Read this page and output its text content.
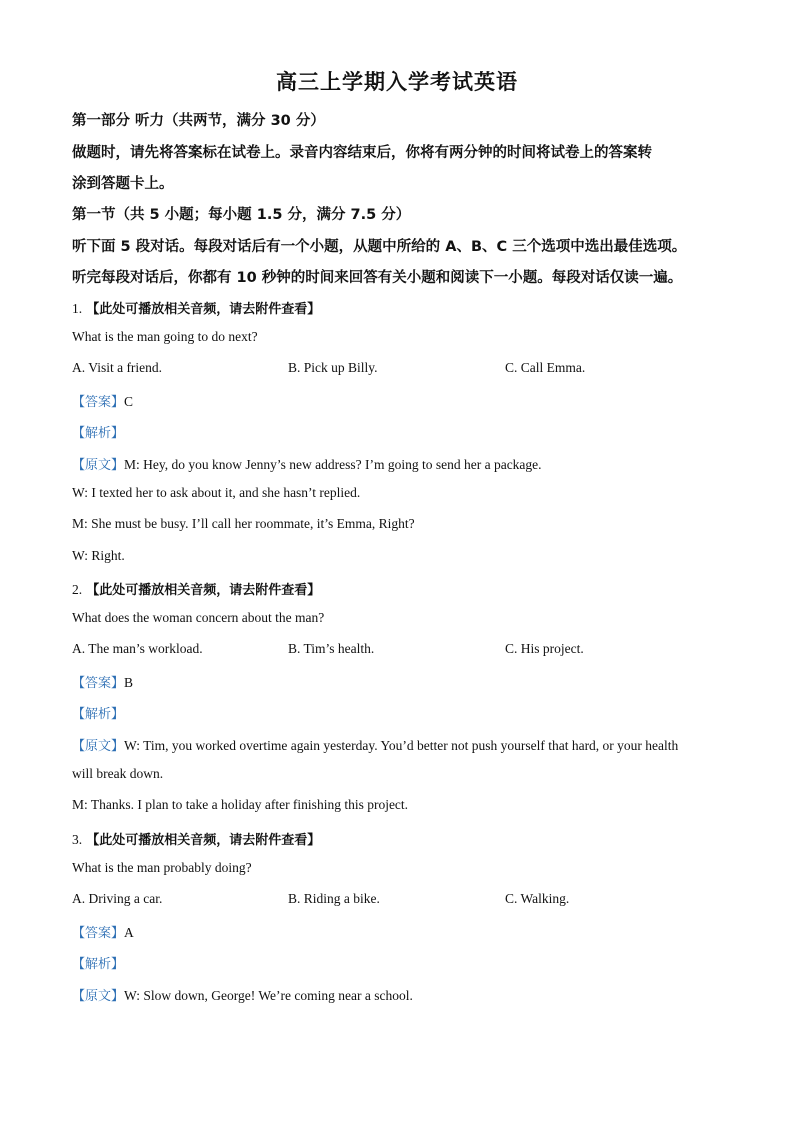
高三上学期入学考试英语
第一部分 听力（共两节，满分 30 分）
做题时，请先将答案标在试卷上。录音内容结束后，你将有两分钟的时间将试卷上的答案转
涂到答题卡上。
第一节（共 5 小题；每小题 1.5 分，满分 7.5 分）
听下面 5 段对话。每段对话后有一个小题，从题中所给的 A、B、C 三个选项中选出最佳选项。
听完每段对话后，你都有 10 秒钟的时间来回答有关小题和阅读下一小题。每段对话仅读一遍。
1. 【此处可播放相关音频，请去附件查看】
What is the man going to do next?
A. Visit a friend.	B. Pick up Billy.	C. Call Emma.
【答案】C
【解析】
【原文】M: Hey, do you know Jenny’s new address? I’m going to send her a package.
W: I texted her to ask about it, and she hasn’t replied.
M: She must be busy. I’ll call her roommate, it’s Emma, Right?
W: Right.
2. 【此处可播放相关音频，请去附件查看】
What does the woman concern about the man?
A. The man’s workload.	B. Tim’s health.	C. His project.
【答案】B
【解析】
【原文】W: Tim, you worked overtime again yesterday. You’d better not push yourself that hard, or your health
will break down.
M: Thanks. I plan to take a holiday after finishing this project.
3. 【此处可播放相关音频，请去附件查看】
What is the man probably doing?
A. Driving a car.	B. Riding a bike.	C. Walking.
【答案】A
【解析】
【原文】W: Slow down, George! We’re coming near a school.
